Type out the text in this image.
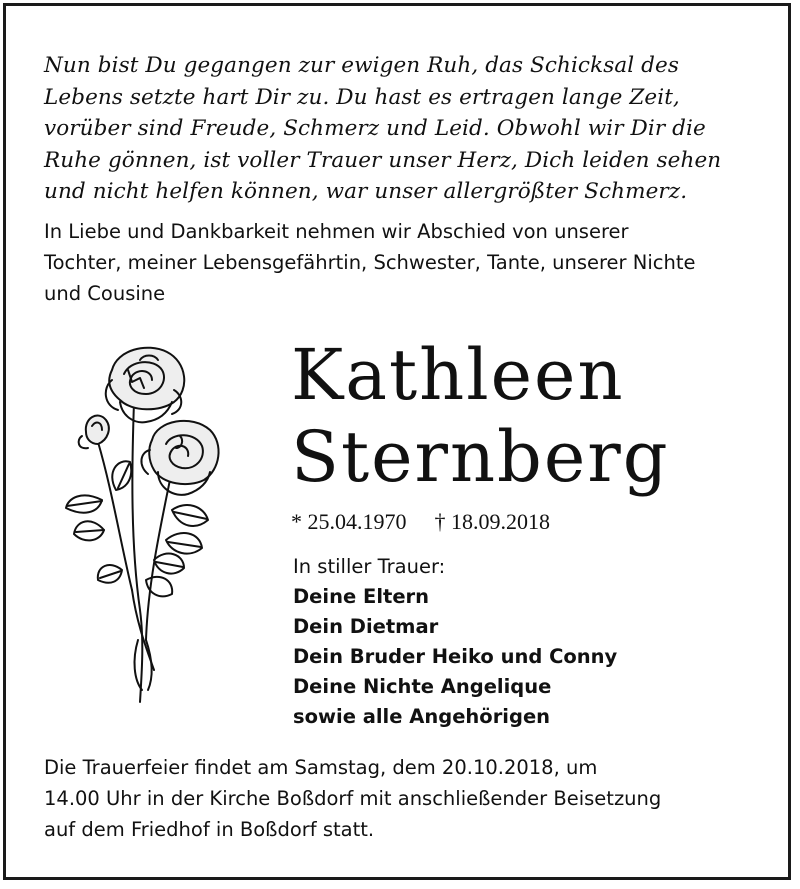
Nun bist Du gegangen zur ewigen Ruh, das Schicksal des
Lebens setzte hart Dir zu. Du hast es ertragen lange Zeit,
vorüber sind Freude, Schmerz und Leid. Obwohl wir Dir die
Ruhe gönnen, ist voller Trauer unser Herz, Dich leiden sehen
und nicht helfen können, war unser allergrößter Schmerz.
In Liebe und Dankbarkeit nehmen wir Abschied von unserer
Tochter, meiner Lebensgefährtin, Schwester, Tante, unserer Nichte
und Cousine
Kathleen
Sternberg
* 25.04.1970 † 18.09.2018
In stiller Trauer:
Deine Eltern
Dein Dietmar
Dein Bruder Heiko und Conny
Deine Nichte Angelique
sowie alle Angehörigen
Die Trauerfeier findet am Samstag, dem 20.10.2018, um
14.00 Uhr in der Kirche Boßdorf mit anschließender Beisetzung
auf dem Friedhof in Boßdorf statt.
